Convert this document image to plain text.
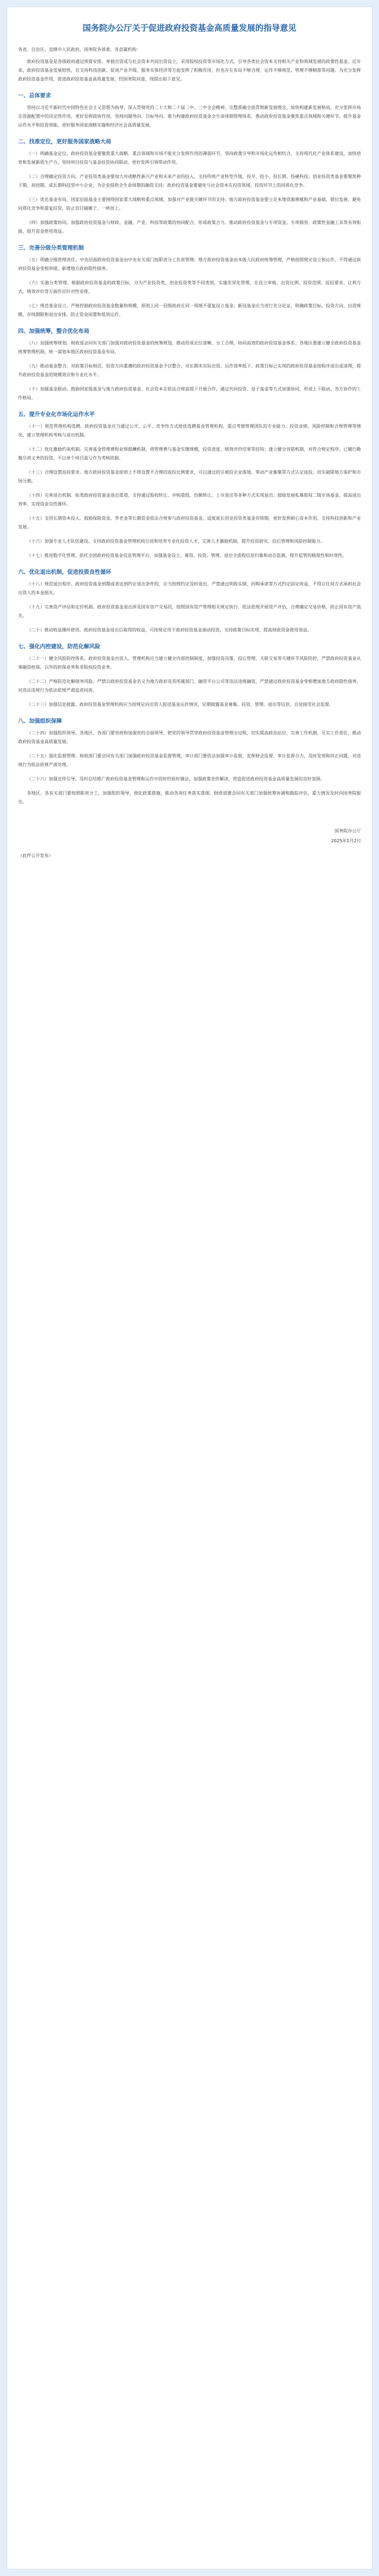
国务院办公厅关于促进政府投资基金高质量发展的指导意见

各省、自治区、直辖市人民政府，国务院各部委、各直属机构：

政府投资基金是各级政府通过预算安排，单独出资或与社会资本共同出资设立，采用股权投资等市场化方式，引导各类社会资本支持相关产业和领域发展的政策性基金。近年来，政府投资基金发展较快，在支持科技创新、促进产业升级、服务实体经济等方面发挥了积极作用，但也存在布局不够合理、运作不够规范、管理不够精准等问题。为充分发挥政府投资基金作用，促进政府投资基金高质量发展，经国务院同意，现提出如下意见。

一、总体要求

坚持以习近平新时代中国特色社会主义思想为指导，深入贯彻党的二十大和二十届二中、三中全会精神，完整准确全面贯彻新发展理念，加快构建新发展格局，充分发挥市场在资源配置中的决定性作用，更好发挥政府作用，坚持问题导向、目标导向，着力构建政府投资基金全生命周期管理体系，推动政府投资基金聚焦重点领域和关键环节，提升基金运作水平和投资效能，更好服务国家战略实施和经济社会高质量发展。

二、找准定位，更好服务国家战略大局

（一）明确基金定位。政府投资基金要聚焦重大战略、重点领域和市场不能充分发挥作用的薄弱环节，坚持政策引导和市场化运作相结合，支持现代化产业体系建设，加快培育和发展新质生产力，坚持项目投资与基金投资协同联动，更好发挥引领带动作用。

（二）合理确定投资方向。产业投资类基金要加大对战略性新兴产业和未来产业的投入，支持传统产业转型升级，投早、投小、投长期、投硬科技；创业投资类基金要聚焦种子期、初创期、成长期科技型中小企业，为企业提供全生命周期的融资支持；政府投资基金要避免与社会资本在投资领域、投资环节上的同质化竞争。

（三）优化基金布局。国家层面基金主要围绕国家重大战略和重点领域，加强对产业链关键环节的支持；地方政府投资基金要立足本地资源禀赋和产业基础，错位发展，避免同质化竞争和重复投资，防止盲目铺摊子、一哄而上。

（四）加强政策协同。加强政府投资基金与财政、金融、产业、科技等政策的协同配合，形成政策合力。推动政府投资基金与专项资金、专项债券、政策性金融工具等有效衔接，提升资金使用效益。

三、完善分级分类管理机制

（五）明确分级管理责任。中央层面政府投资基金由中央有关部门按职责分工负责管理；地方政府投资基金由本级人民政府统筹管理，严格按照规定设立和运作，不得通过政府投资基金变相举债，新增地方政府隐性债务。

（六）实施分类管理。根据政府投资基金的政策目标，分为产业投资类、创业投资类等不同类别，实施差异化管理，在设立审核、出资比例、投资范围、返投要求、让利方式、绩效评价等方面作出针对性安排。

（七）规范基金设立。严格控制政府投资基金数量和规模，原则上同一层级政府在同一领域不重复设立基金；新设基金应当进行充分论证，明确政策目标、投资方向、出资规模、存续期限和退出安排，防止资金闲置和低效运作。

四、加强统筹，整合优化布局

（八）加强统筹规划。财政部会同有关部门加强对政府投资基金的统筹规划，推动形成定位清晰、分工合理、协同高效的政府投资基金体系；各地区要建立健全政府投资基金统筹管理机制，统一谋划本地区政府投资基金布局。

（九）推动基金整合。对政策目标相近、投资方向重叠的政府投资基金予以整合，对长期未实际出资、运作效率低下、政策目标已实现的政府投资基金按程序退出或清理，提升政府投资基金的规模效应和专业化水平。

（十）加强基金联动。鼓励国家级基金与地方政府投资基金、社会资本在依法合规前提下开展合作，通过共同投资、母子基金等方式加强协同，形成上下联动、各方协作的工作格局。

五、提升专业化市场化运作水平

（十一）规范管理机构选聘。政府投资基金应当通过公开、公平、竞争性方式择优选聘基金管理机构，重点考察管理团队的专业能力、投资业绩、风险控制和合规管理等情况，建立管理机构考核与退出机制。

（十二）优化激励约束机制。完善基金管理费和业绩报酬机制，将管理费与基金实缴规模、投资进度、绩效评价结果等挂钩；建立健全容错机制，对符合规定程序、已履行勤勉尽责义务的投资，不以单个项目盈亏作为考核依据。

（十三）合理设置返投要求。地方政府投资基金原则上不得设置不合理的返投比例要求，可以通过招引被投企业落地、带动产业集聚等方式认定返投，切实破除地方保护和市场分割。

（十四）完善退出机制。拓宽政府投资基金退出渠道，支持通过股权转让、并购重组、份额转让、上市退出等多种方式实现退出；鼓励发展私募股权二级市场基金，提高退出效率，实现资金良性循环。

（十五）支持长期资本投入。鼓励保险资金、养老金等长期资金依法合规参与政府投资基金，适度延长创业投资类基金存续期，更好发挥耐心资本作用，支持科技创新和产业发展。

（十六）加强专业人才队伍建设。支持政府投资基金管理机构引进和培养专业化投资人才，完善人才激励机制，提升投资研究、投后管理和风险控制能力。

（十七）推进数字化管理。依托全国政府投资基金信息管理平台，加强基金设立、募资、投资、管理、退出全流程信息归集和动态监测，提升监管的精准性和时效性。

六、优化退出机制，促进投资良性循环

（十八）规范退出程序。政府投资基金到期或者达到约定退出条件的，应当按照约定及时退出，严禁通过明股实债、回购承诺等方式约定固定收益，不得以任何方式承担社会出资人的本金损失。

（十九）完善资产评估和定价机制。政府投资基金退出涉及国有资产交易的，按照国有资产管理相关规定执行，依法依规开展资产评估，合理确定交易价格，防止国有资产流失。

（二十）推动收益循环使用。政府投资基金退出后取得的收益，可按规定用于政府投资基金滚动投资，支持政策目标实现，提高财政资金使用效益。

七、强化内控建设，防范化解风险

（二十一）健全风险防控体系。政府投资基金出资人、管理机构应当建立健全内部控制制度，加强投资决策、投后管理、关联交易等关键环节风险防控，严禁政府投资基金从事融资担保、以外的担保业务和非股权投资业务。

（二十二）严格防范化解债务风险。严禁以政府投资基金名义为地方政府及其所属部门、融资平台公司等违法违规融资，严禁通过政府投资基金变相增加地方政府隐性债务，对违法违规行为依法依规严肃追责问责。

（二十三）加强信息披露。政府投资基金管理机构应当按规定向出资人报送基金运作情况，定期披露基金募集、投资、管理、退出等信息，自觉接受社会监督。

八、加强组织保障

（二十四）加强组织领导。各地区、各部门要坚持和加强党的全面领导，把党的领导贯穿政府投资基金管理全过程，切实提高政治站位，完善工作机制，压实工作责任，推动政府投资基金高质量发展。

（二十五）强化监督管理。财政部门要会同有关部门加强政府投资基金监督管理，审计部门要依法加强审计监督，发挥财会监督、审计监督合力，及时发现和纠正问题，对违规行为依法依规严肃处理。

（二十六）加强宣传引导。及时总结推广政府投资基金管理和运作中的好经验好做法，加强政策宣传解读，营造促进政府投资基金高质量发展的良好氛围。

各地区、各有关部门要按照职责分工，加强组织领导，细化政策措施，推动各项任务落实落细。财政部要会同有关部门加强统筹协调和跟踪评估，重大情况及时向国务院报告。

国务院办公厅
2025年1月2日
（此件公开发布）
